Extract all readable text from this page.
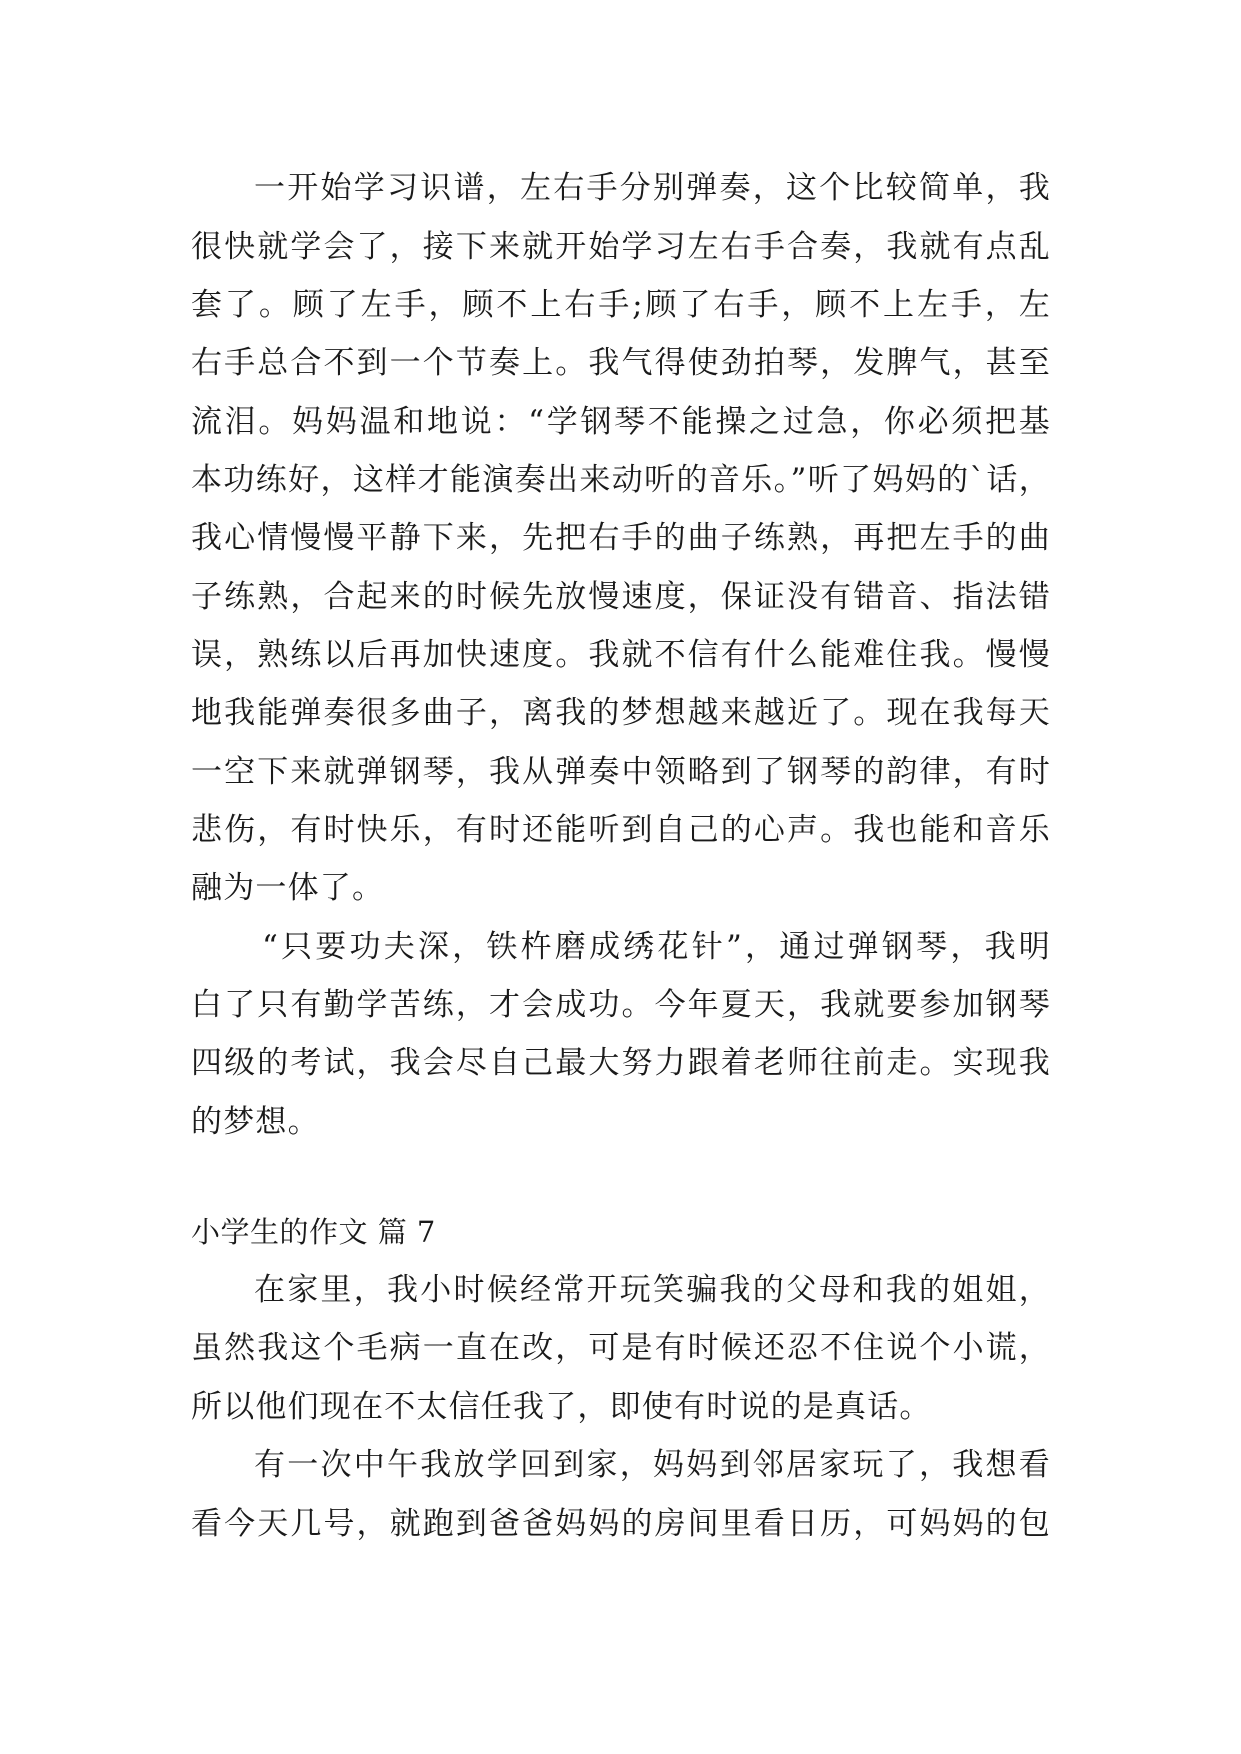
一开始学习识谱，左右手分别弹奏，这个比较简单，我
很快就学会了，接下来就开始学习左右手合奏，我就有点乱
套了。顾了左手，顾不上右手;顾了右手，顾不上左手，左
右手总合不到一个节奏上。我气得使劲拍琴，发脾气，甚至
流泪。妈妈温和地说：“学钢琴不能操之过急，你必须把基
本功练好，这样才能演奏出来动听的音乐。”听了妈妈的`话，
我心情慢慢平静下来，先把右手的曲子练熟，再把左手的曲
子练熟，合起来的时候先放慢速度，保证没有错音、指法错
误，熟练以后再加快速度。我就不信有什么能难住我。慢慢
地我能弹奏很多曲子，离我的梦想越来越近了。现在我每天
一空下来就弹钢琴，我从弹奏中领略到了钢琴的韵律，有时
悲伤，有时快乐，有时还能听到自己的心声。我也能和音乐
融为一体了。
“只要功夫深，铁杵磨成绣花针”，通过弹钢琴，我明
白了只有勤学苦练，才会成功。今年夏天，我就要参加钢琴
四级的考试，我会尽自己最大努力跟着老师往前走。实现我
的梦想。
小学生的作文 篇 7
在家里，我小时候经常开玩笑骗我的父母和我的姐姐，
虽然我这个毛病一直在改，可是有时候还忍不住说个小谎，
所以他们现在不太信任我了，即使有时说的是真话。
有一次中午我放学回到家，妈妈到邻居家玩了，我想看
看今天几号，就跑到爸爸妈妈的房间里看日历，可妈妈的包
